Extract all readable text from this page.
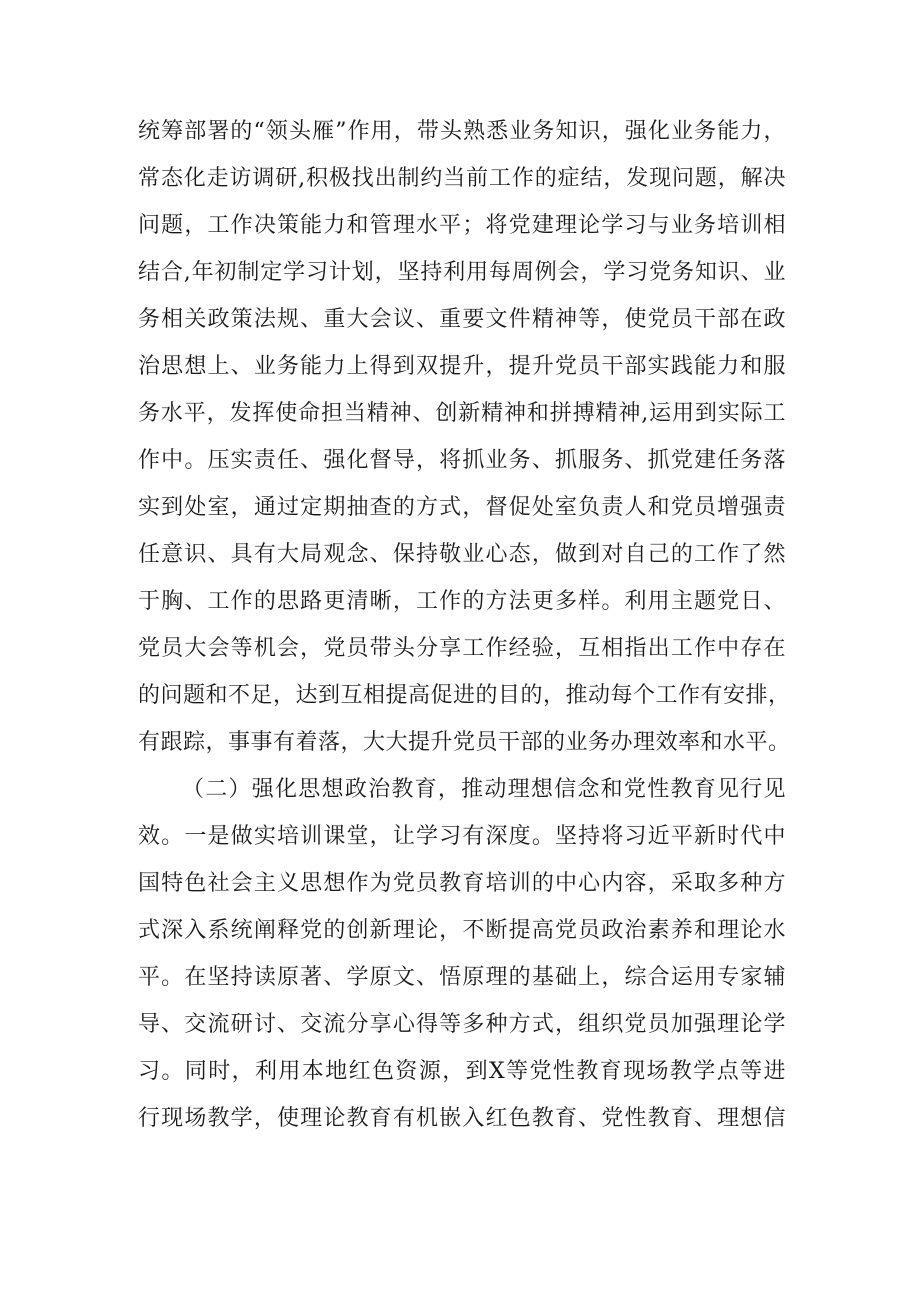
统筹部署的“领头雁”作用，带头熟悉业务知识，强化业务能力，
常态化走访调研,积极找出制约当前工作的症结，发现问题，解决
问题，工作决策能力和管理水平；将党建理论学习与业务培训相
结合,年初制定学习计划，坚持利用每周例会，学习党务知识、业
务相关政策法规、重大会议、重要文件精神等，使党员干部在政
治思想上、业务能力上得到双提升，提升党员干部实践能力和服
务水平，发挥使命担当精神、创新精神和拼搏精神,运用到实际工
作中。压实责任、强化督导，将抓业务、抓服务、抓党建任务落
实到处室，通过定期抽查的方式，督促处室负责人和党员增强责
任意识、具有大局观念、保持敬业心态，做到对自己的工作了然
于胸、工作的思路更清晰，工作的方法更多样。利用主题党日、
党员大会等机会，党员带头分享工作经验，互相指出工作中存在
的问题和不足，达到互相提高促进的目的，推动每个工作有安排，
有跟踪，事事有着落，大大提升党员干部的业务办理效率和水平。
（二）强化思想政治教育，推动理想信念和党性教育见行见
效。一是做实培训课堂，让学习有深度。坚持将习近平新时代中
国特色社会主义思想作为党员教育培训的中心内容，采取多种方
式深入系统阐释党的创新理论，不断提高党员政治素养和理论水
平。在坚持读原著、学原文、悟原理的基础上，综合运用专家辅
导、交流研讨、交流分享心得等多种方式，组织党员加强理论学
习。同时，利用本地红色资源，到X等党性教育现场教学点等进
行现场教学，使理论教育有机嵌入红色教育、党性教育、理想信
